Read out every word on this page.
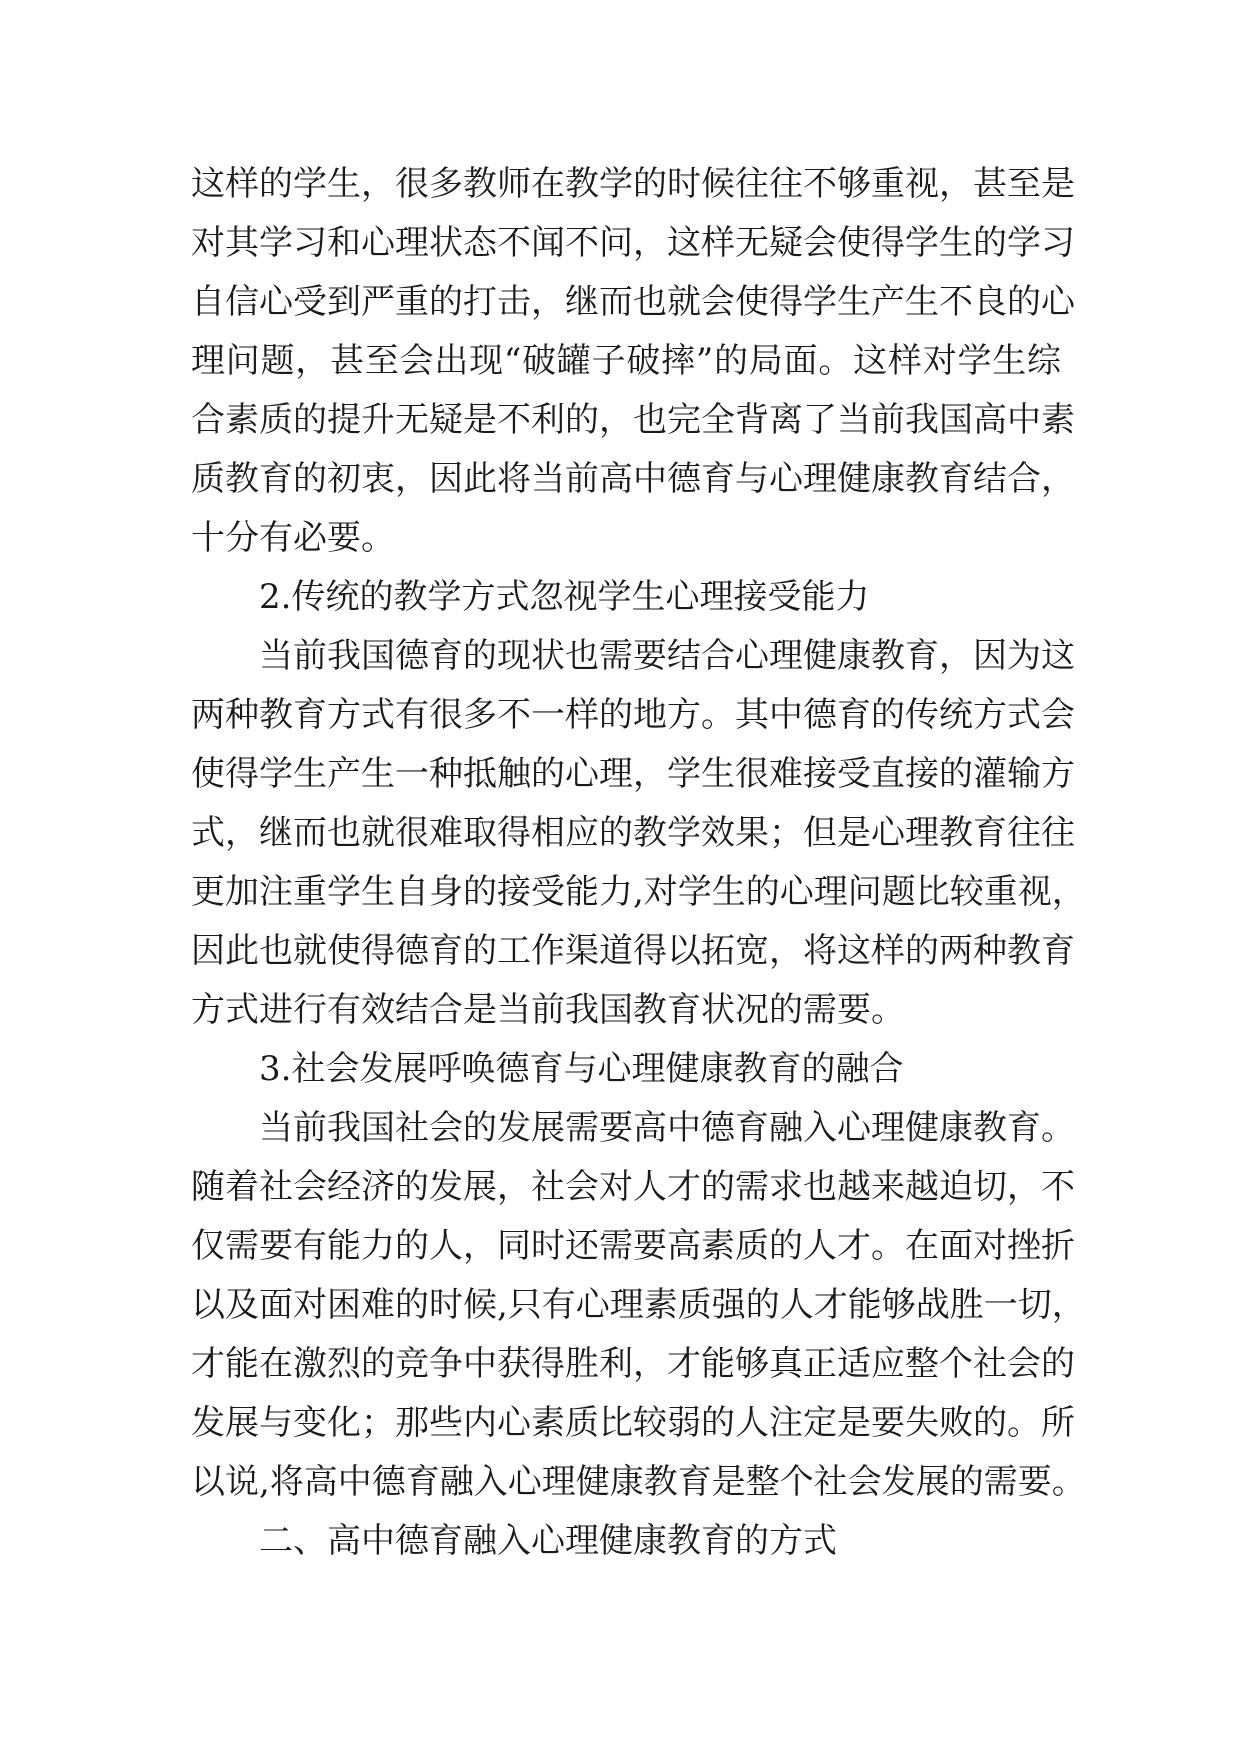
这样的学生，很多教师在教学的时候往往不够重视，甚至是
对其学习和心理状态不闻不问，这样无疑会使得学生的学习
自信心受到严重的打击，继而也就会使得学生产生不良的心
理问题，甚至会出现“破罐子破摔”的局面。这样对学生综
合素质的提升无疑是不利的，也完全背离了当前我国高中素
质教育的初衷，因此将当前高中德育与心理健康教育结合，
十分有必要。
2.传统的教学方式忽视学生心理接受能力
当前我国德育的现状也需要结合心理健康教育，因为这
两种教育方式有很多不一样的地方。其中德育的传统方式会
使得学生产生一种抵触的心理，学生很难接受直接的灌输方
式，继而也就很难取得相应的教学效果；但是心理教育往往
更加注重学生自身的接受能力,对学生的心理问题比较重视，
因此也就使得德育的工作渠道得以拓宽，将这样的两种教育
方式进行有效结合是当前我国教育状况的需要。
3.社会发展呼唤德育与心理健康教育的融合
当前我国社会的发展需要高中德育融入心理健康教育。
随着社会经济的发展，社会对人才的需求也越来越迫切，不
仅需要有能力的人，同时还需要高素质的人才。在面对挫折
以及面对困难的时候,只有心理素质强的人才能够战胜一切，
才能在激烈的竞争中获得胜利，才能够真正适应整个社会的
发展与变化；那些内心素质比较弱的人注定是要失败的。所
以说,将高中德育融入心理健康教育是整个社会发展的需要。
二、高中德育融入心理健康教育的方式
